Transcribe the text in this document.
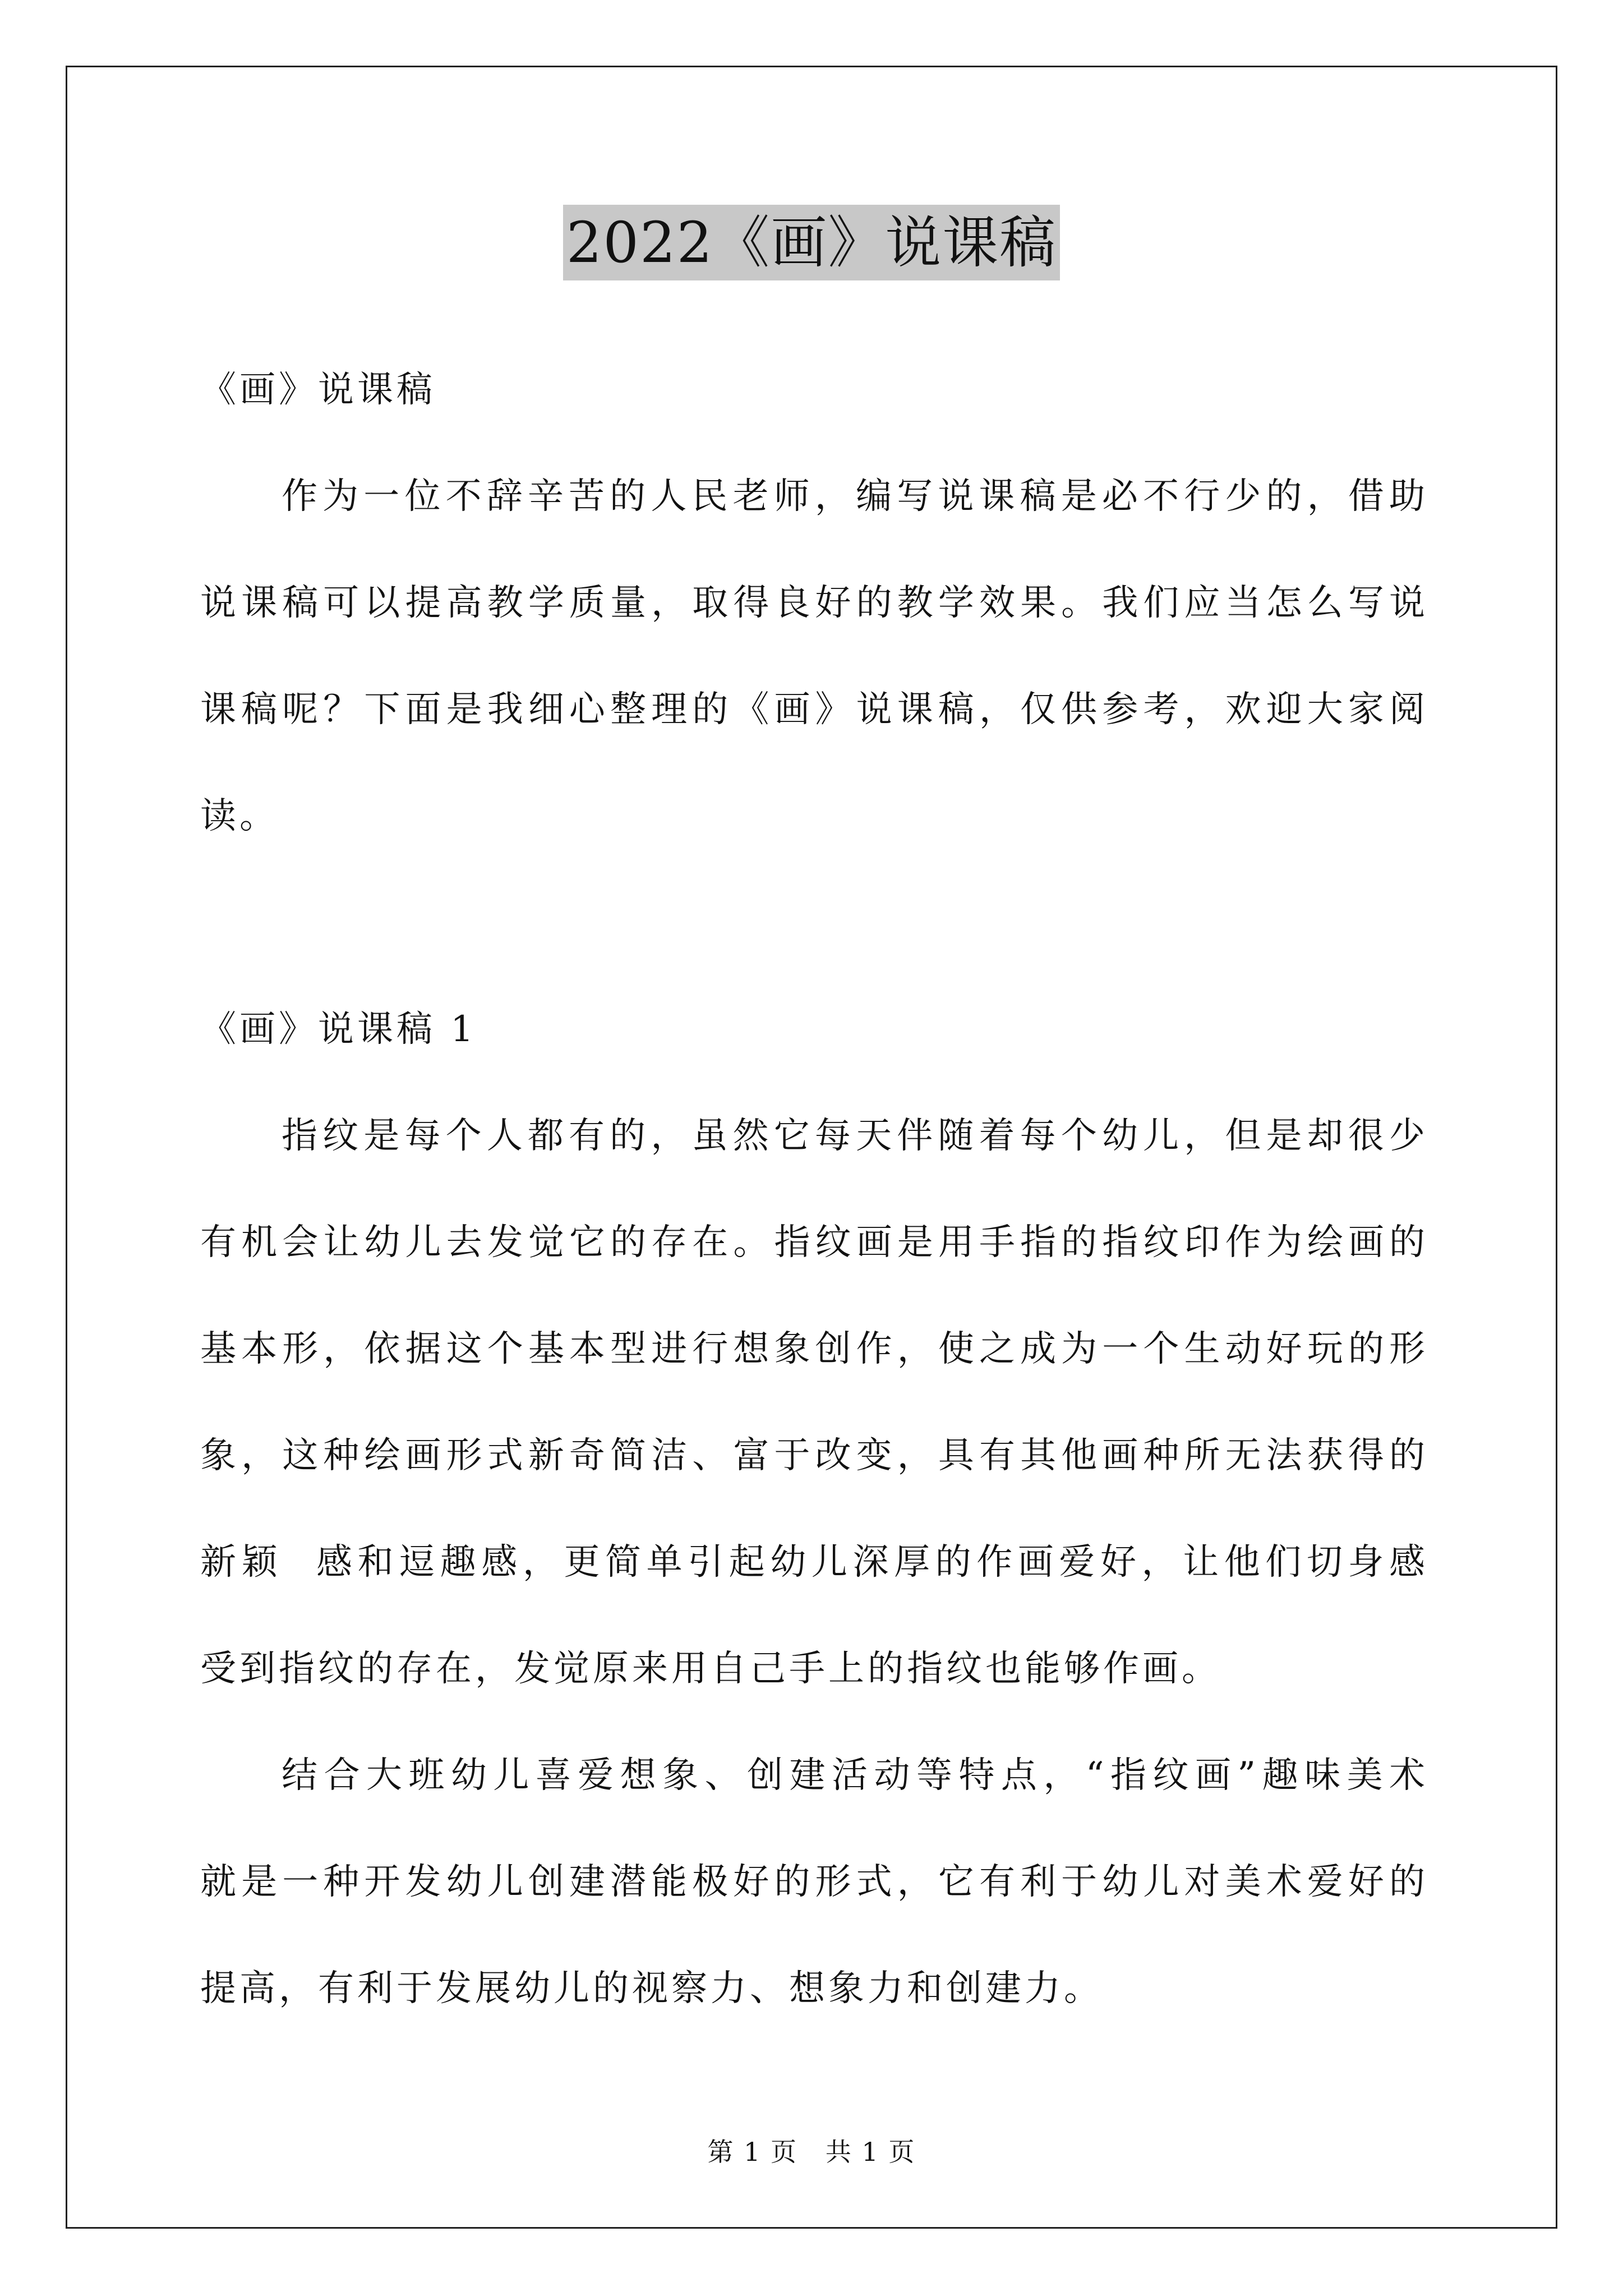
2022《画》说课稿
《画》说课稿
作为一位不辞辛苦的人民老师，编写说课稿是必不行少的，借助
说课稿可以提高教学质量，取得良好的教学效果。我们应当怎么写说
课稿呢？下面是我细心整理的《画》说课稿，仅供参考，欢迎大家阅
读。
《画》说课稿 1
指纹是每个人都有的，虽然它每天伴随着每个幼儿，但是却很少
有机会让幼儿去发觉它的存在。指纹画是用手指的指纹印作为绘画的
基本形，依据这个基本型进行想象创作，使之成为一个生动好玩的形
象，这种绘画形式新奇简洁、富于改变，具有其他画种所无法获得的
新颖  感和逗趣感，更简单引起幼儿深厚的作画爱好，让他们切身感
受到指纹的存在，发觉原来用自己手上的指纹也能够作画。
结合大班幼儿喜爱想象、创建活动等特点，“指纹画”趣味美术
就是一种开发幼儿创建潜能极好的形式，它有利于幼儿对美术爱好的
提高，有利于发展幼儿的视察力、想象力和创建力。
第 1 页   共 1 页
